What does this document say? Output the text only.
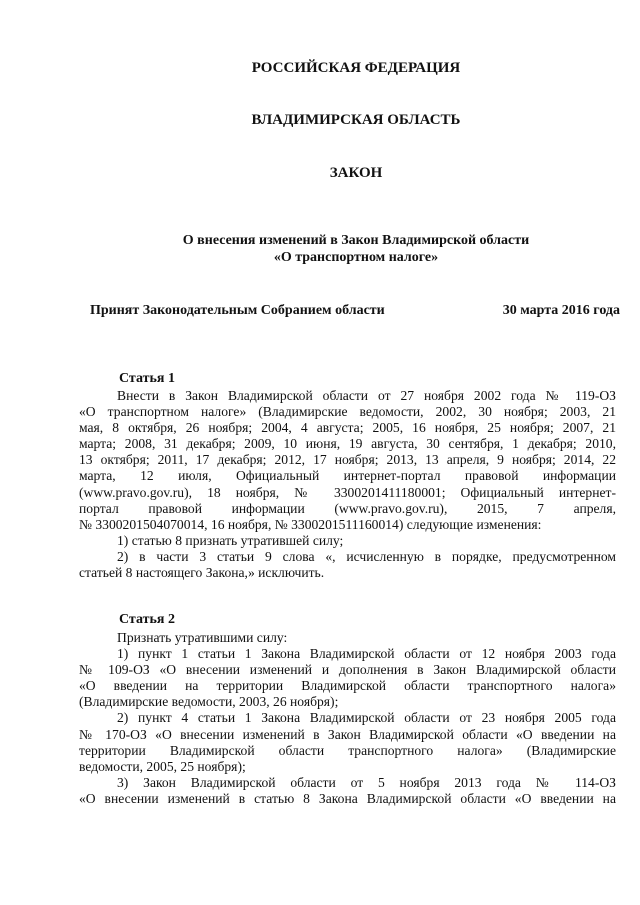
РОССИЙСКАЯ ФЕДЕРАЦИЯ
ВЛАДИМИРСКАЯ ОБЛАСТЬ
ЗАКОН
О внесения изменений в Закон Владимирской области
«О транспортном налоге»
Принят Законодательным Собранием области	30 марта 2016 года
Статья 1
Внести в Закон Владимирской области от 27 ноября 2002 года № 119-ОЗ
«О транспортном налоге» (Владимирские ведомости, 2002, 30 ноября; 2003, 21
мая, 8 октября, 26 ноября; 2004, 4 августа; 2005, 16 ноября, 25 ноября; 2007, 21
марта; 2008, 31 декабря; 2009, 10 июня, 19 августа, 30 сентября, 1 декабря; 2010,
13 октября; 2011, 17 декабря; 2012, 17 ноября; 2013, 13 апреля, 9 ноября; 2014, 22
марта, 12 июля, Официальный интернет-портал правовой информации
(www.pravo.gov.ru), 18 ноября, № 3300201411180001; Официальный интернет-
портал правовой информации (www.pravo.gov.ru), 2015, 7 апреля,
№ 3300201504070014, 16 ноября, № 3300201511160014) следующие изменения:
1) статью 8 признать утратившей силу;
2) в части 3 статьи 9 слова «, исчисленную в порядке, предусмотренном
статьей 8 настоящего Закона,» исключить.
Статья 2
Признать утратившими силу:
1) пункт 1 статьи 1 Закона Владимирской области от 12 ноября 2003 года
№ 109-ОЗ «О внесении изменений и дополнения в Закон Владимирской области
«О введении на территории Владимирской области транспортного налога»
(Владимирские ведомости, 2003, 26 ноября);
2) пункт 4 статьи 1 Закона Владимирской области от 23 ноября 2005 года
№ 170-ОЗ «О внесении изменений в Закон Владимирской области «О введении на
территории Владимирской области транспортного налога» (Владимирские
ведомости, 2005, 25 ноября);
3) Закон Владимирской области от 5 ноября 2013 года № 114-ОЗ
«О внесении изменений в статью 8 Закона Владимирской области «О введении на
